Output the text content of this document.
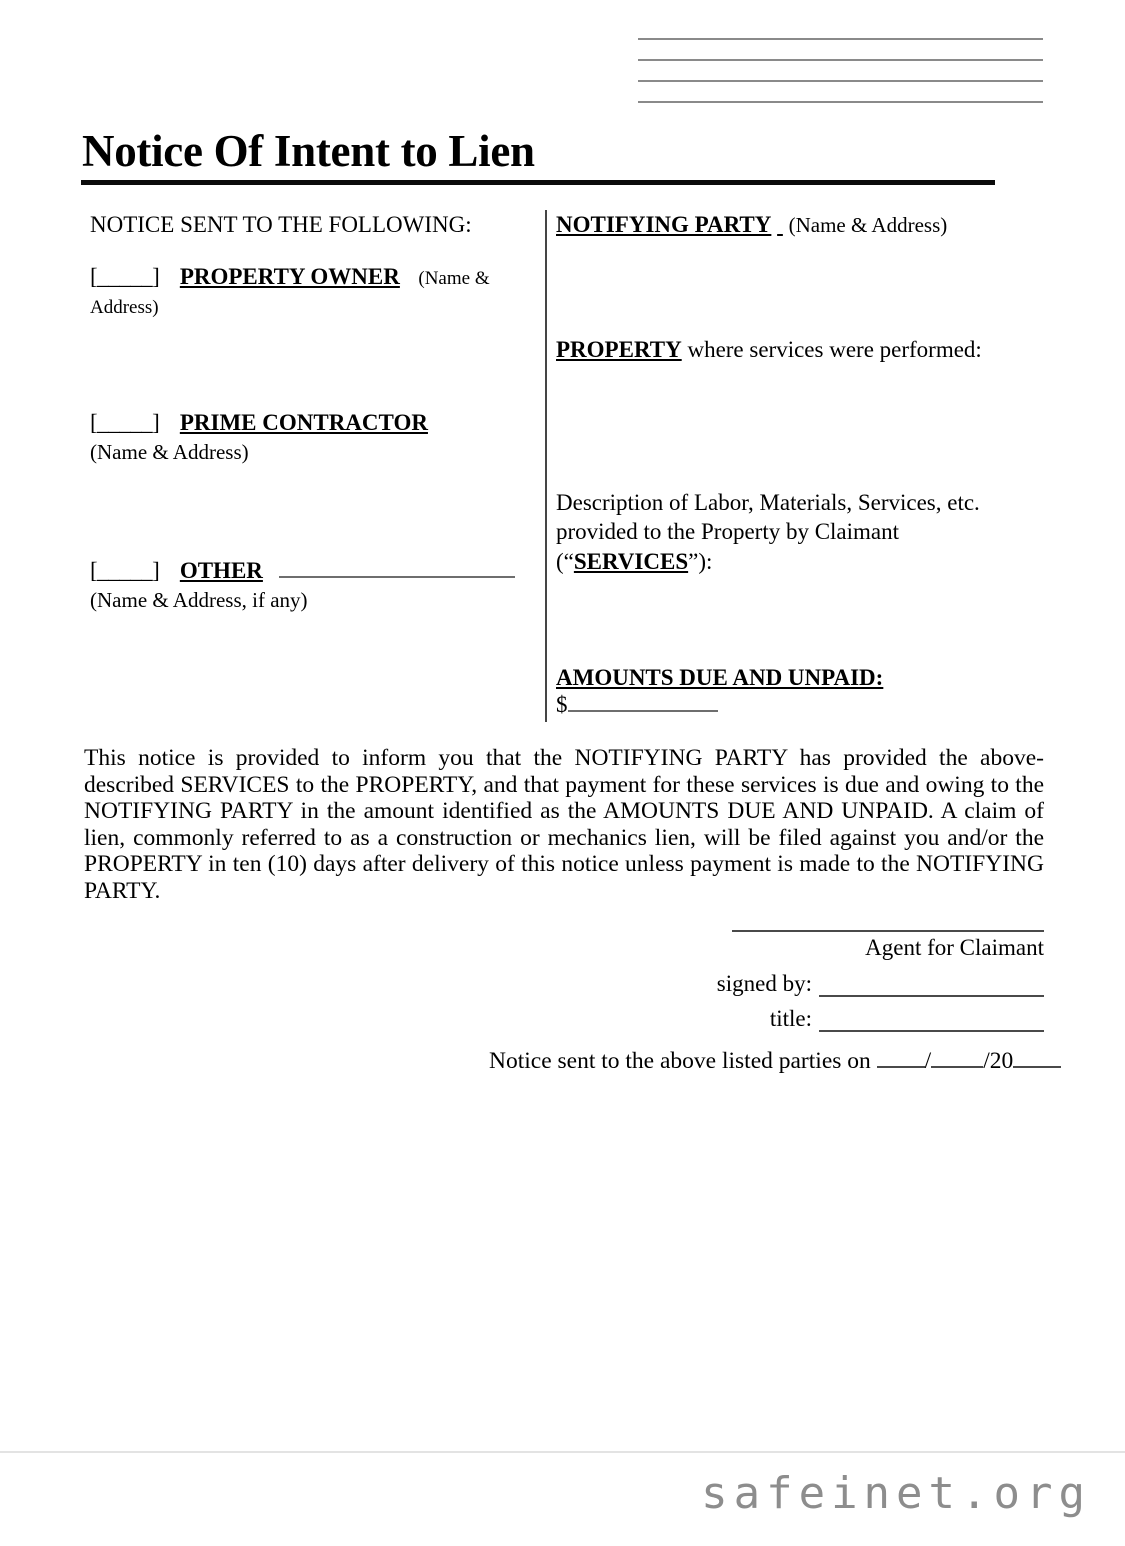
Notice Of Intent to Lien
NOTICE SENT TO THE FOLLOWING:
[_____] PROPERTY OWNER (Name & Address)
[_____] PRIME CONTRACTOR
(Name & Address)
[_____] OTHER
(Name & Address, if any)
NOTIFYING PARTY (Name & Address)
PROPERTY where services were performed:
Description of Labor, Materials, Services, etc.
provided to the Property by Claimant
(“SERVICES”):
AMOUNTS DUE AND UNPAID:
$
This notice is provided to inform you that the NOTIFYING PARTY has provided the above-described SERVICES to the PROPERTY, and that payment for these services is due and owing to the NOTIFYING PARTY in the amount identified as the AMOUNTS DUE AND UNPAID. A claim of lien, commonly referred to as a construction or mechanics lien, will be filed against you and/or the PROPERTY in ten (10) days after delivery of this notice unless payment is made to the NOTIFYING PARTY.
Agent for Claimant
signed by:
title:
Notice sent to the above listed parties on / /20
safeinet.org
